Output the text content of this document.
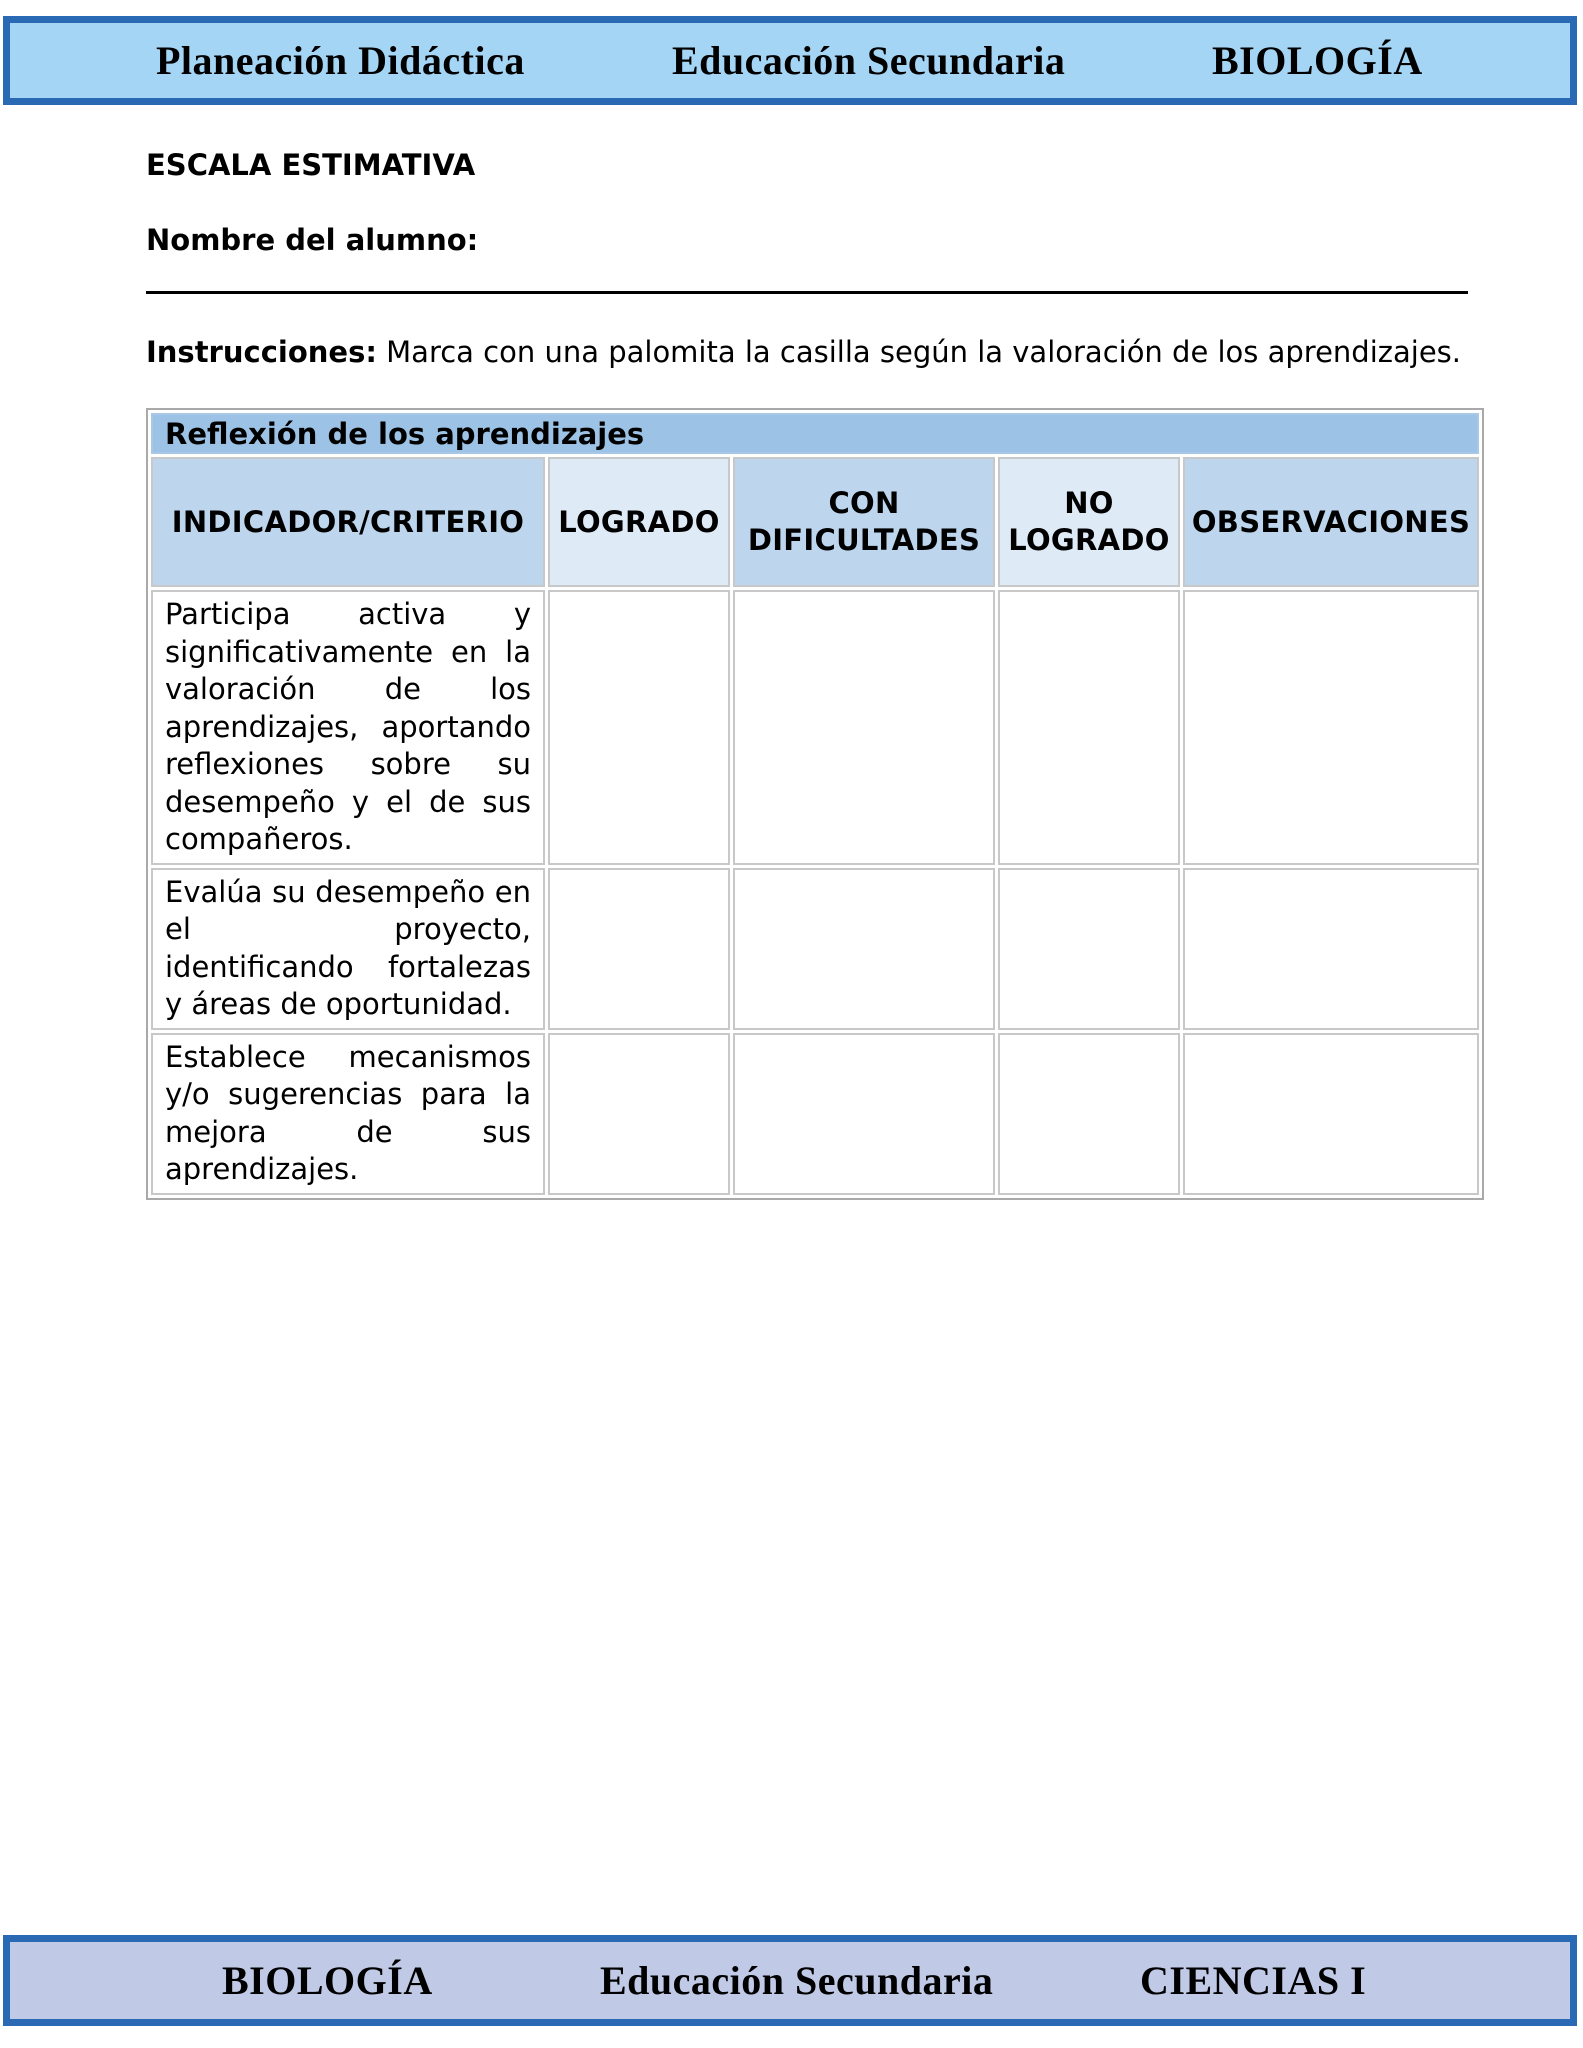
Planeación Didáctica	Educación Secundaria	BIOLOGÍA
ESCALA ESTIMATIVA
Nombre del alumno:
Instrucciones: Marca con una palomita la casilla según la valoración de los aprendizajes.
Reflexión de los aprendizajes				
INDICADOR/CRITERIO	LOGRADO	CON DIFICULTADES	NO LOGRADO	OBSERVACIONES
Participa activa y significativamente en la valoración de los aprendizajes, aportando reflexiones sobre su desempeño y el de sus compañeros.				
Evalúa su desempeño en el proyecto, identificando fortalezas y áreas de oportunidad.				
Establece mecanismos y/o sugerencias para la mejora de sus aprendizajes.				
BIOLOGÍA	Educación Secundaria	CIENCIAS I
